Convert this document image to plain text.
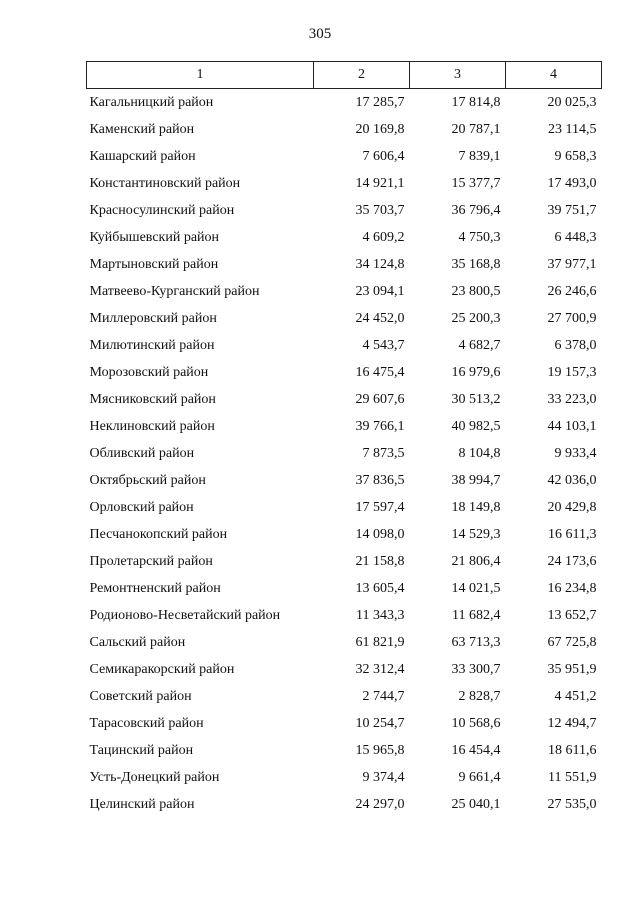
305
1	2	3	4
Кагальницкий район	17 285,7	17 814,8	20 025,3
Каменский район	20 169,8	20 787,1	23 114,5
Кашарский район	7 606,4	7 839,1	9 658,3
Константиновский район	14 921,1	15 377,7	17 493,0
Красносулинский район	35 703,7	36 796,4	39 751,7
Куйбышевский район	4 609,2	4 750,3	6 448,3
Мартыновский район	34 124,8	35 168,8	37 977,1
Матвеево-Курганский район	23 094,1	23 800,5	26 246,6
Миллеровский район	24 452,0	25 200,3	27 700,9
Милютинский район	4 543,7	4 682,7	6 378,0
Морозовский район	16 475,4	16 979,6	19 157,3
Мясниковский район	29 607,6	30 513,2	33 223,0
Неклиновский район	39 766,1	40 982,5	44 103,1
Обливский район	7 873,5	8 104,8	9 933,4
Октябрьский район	37 836,5	38 994,7	42 036,0
Орловский район	17 597,4	18 149,8	20 429,8
Песчанокопский район	14 098,0	14 529,3	16 611,3
Пролетарский район	21 158,8	21 806,4	24 173,6
Ремонтненский район	13 605,4	14 021,5	16 234,8
Родионово-Несветайский район	11 343,3	11 682,4	13 652,7
Сальский район	61 821,9	63 713,3	67 725,8
Семикаракорский район	32 312,4	33 300,7	35 951,9
Советский район	2 744,7	2 828,7	4 451,2
Тарасовский район	10 254,7	10 568,6	12 494,7
Тацинский район	15 965,8	16 454,4	18 611,6
Усть-Донецкий район	9 374,4	9 661,4	11 551,9
Целинский район	24 297,0	25 040,1	27 535,0
